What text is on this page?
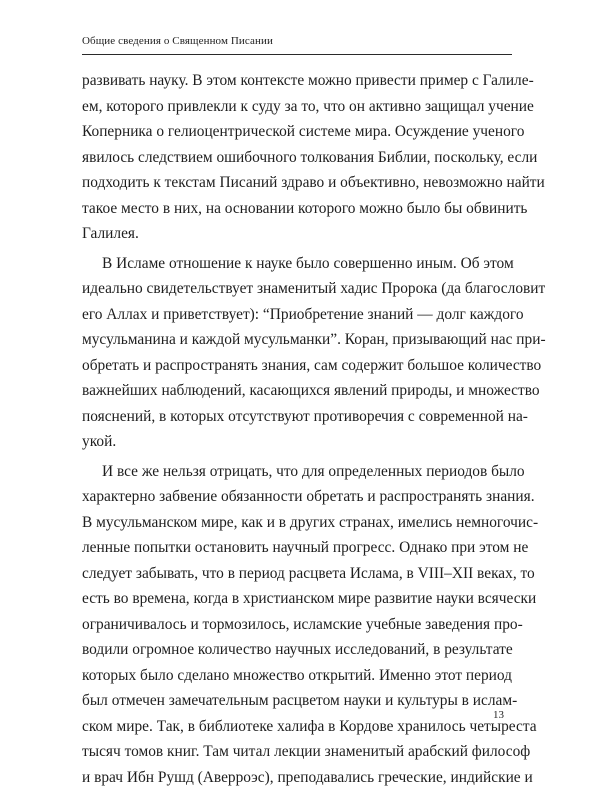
Общие сведения о Священном Писании
развивать науку. В этом контексте можно привести пример с Галиле-
ем, которого привлекли к суду за то, что он активно защищал учение
Коперника о гелиоцентрической системе мира. Осуждение ученого
явилось следствием ошибочного толкования Библии, поскольку, если
подходить к текстам Писаний здраво и объективно, невозможно найти
такое место в них, на основании которого можно было бы обвинить
Галилея.
В Исламе отношение к науке было совершенно иным. Об этом
идеально свидетельствует знаменитый хадис Пророка (да благословит
его Аллах и приветствует): “Приобретение знаний — долг каждого
мусульманина и каждой мусульманки”. Коран, призывающий нас при-
обретать и распространять знания, сам содержит большое количество
важнейших наблюдений, касающихся явлений природы, и множество
пояснений, в которых отсутствуют противоречия с современной на-
укой.
И все же нельзя отрицать, что для определенных периодов было
характерно забвение обязанности обретать и распространять знания.
В мусульманском мире, как и в других странах, имелись немногочис-
ленные попытки остановить научный прогресс. Однако при этом не
следует забывать, что в период расцвета Ислама, в VIII–XII веках, то
есть во времена, когда в христианском мире развитие науки всячески
ограничивалось и тормозилось, исламские учебные заведения про-
водили огромное количество научных исследований, в результате
которых было сделано множество открытий. Именно этот период
был отмечен замечательным расцветом науки и культуры в ислам-
ском мире. Так, в библиотеке халифа в Кордове хранилось четыреста
тысяч томов книг. Там читал лекции знаменитый арабский философ
и врач Ибн Рушд (Аверроэс), преподавались греческие, индийские и
13
